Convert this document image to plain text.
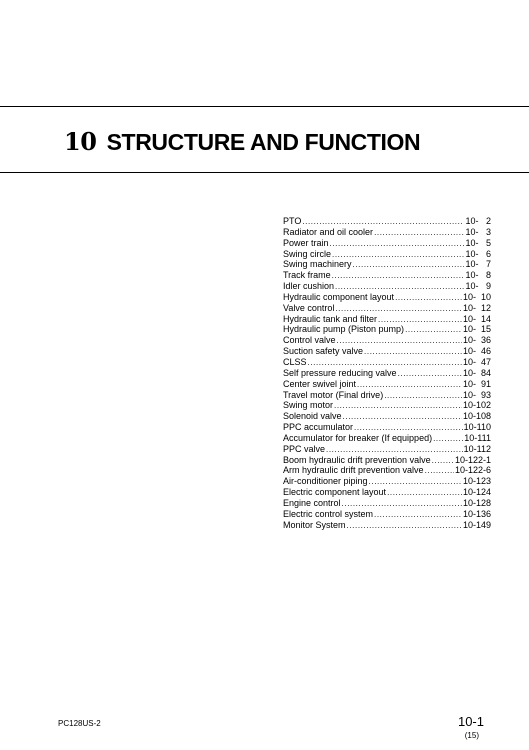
10 STRUCTURE AND FUNCTION
PTO .....	10-   2
Radiator and oil cooler .....	10-   3
Power train .....	10-   5
Swing circle .....	10-   6
Swing machinery .....	10-   7
Track frame .....	10-   8
Idler cushion .....	10-   9
Hydraulic component layout .....	10-  10
Valve control .....	10-  12
Hydraulic tank and filter .....	10-  14
Hydraulic pump (Piston pump) .....	10-  15
Control valve .....	10-  36
Suction safety valve .....	10-  46
CLSS .....	10-  47
Self pressure reducing valve .....	10-  84
Center swivel joint .....	10-  91
Travel motor (Final drive) .....	10-  93
Swing motor .....	10-102
Solenoid valve .....	10-108
PPC accumulator .....	10-110
Accumulator for breaker (If equipped) .....	10-111
PPC valve .....	10-112
Boom hydraulic drift prevention valve .....	10-122-1
Arm hydraulic drift prevention valve .....	10-122-6
Air-conditioner piping .....	10-123
Electric component layout .....	10-124
Engine control .....	10-128
Electric control system .....	10-136
Monitor System .....	10-149
PC128US-2	10-1
(15)
